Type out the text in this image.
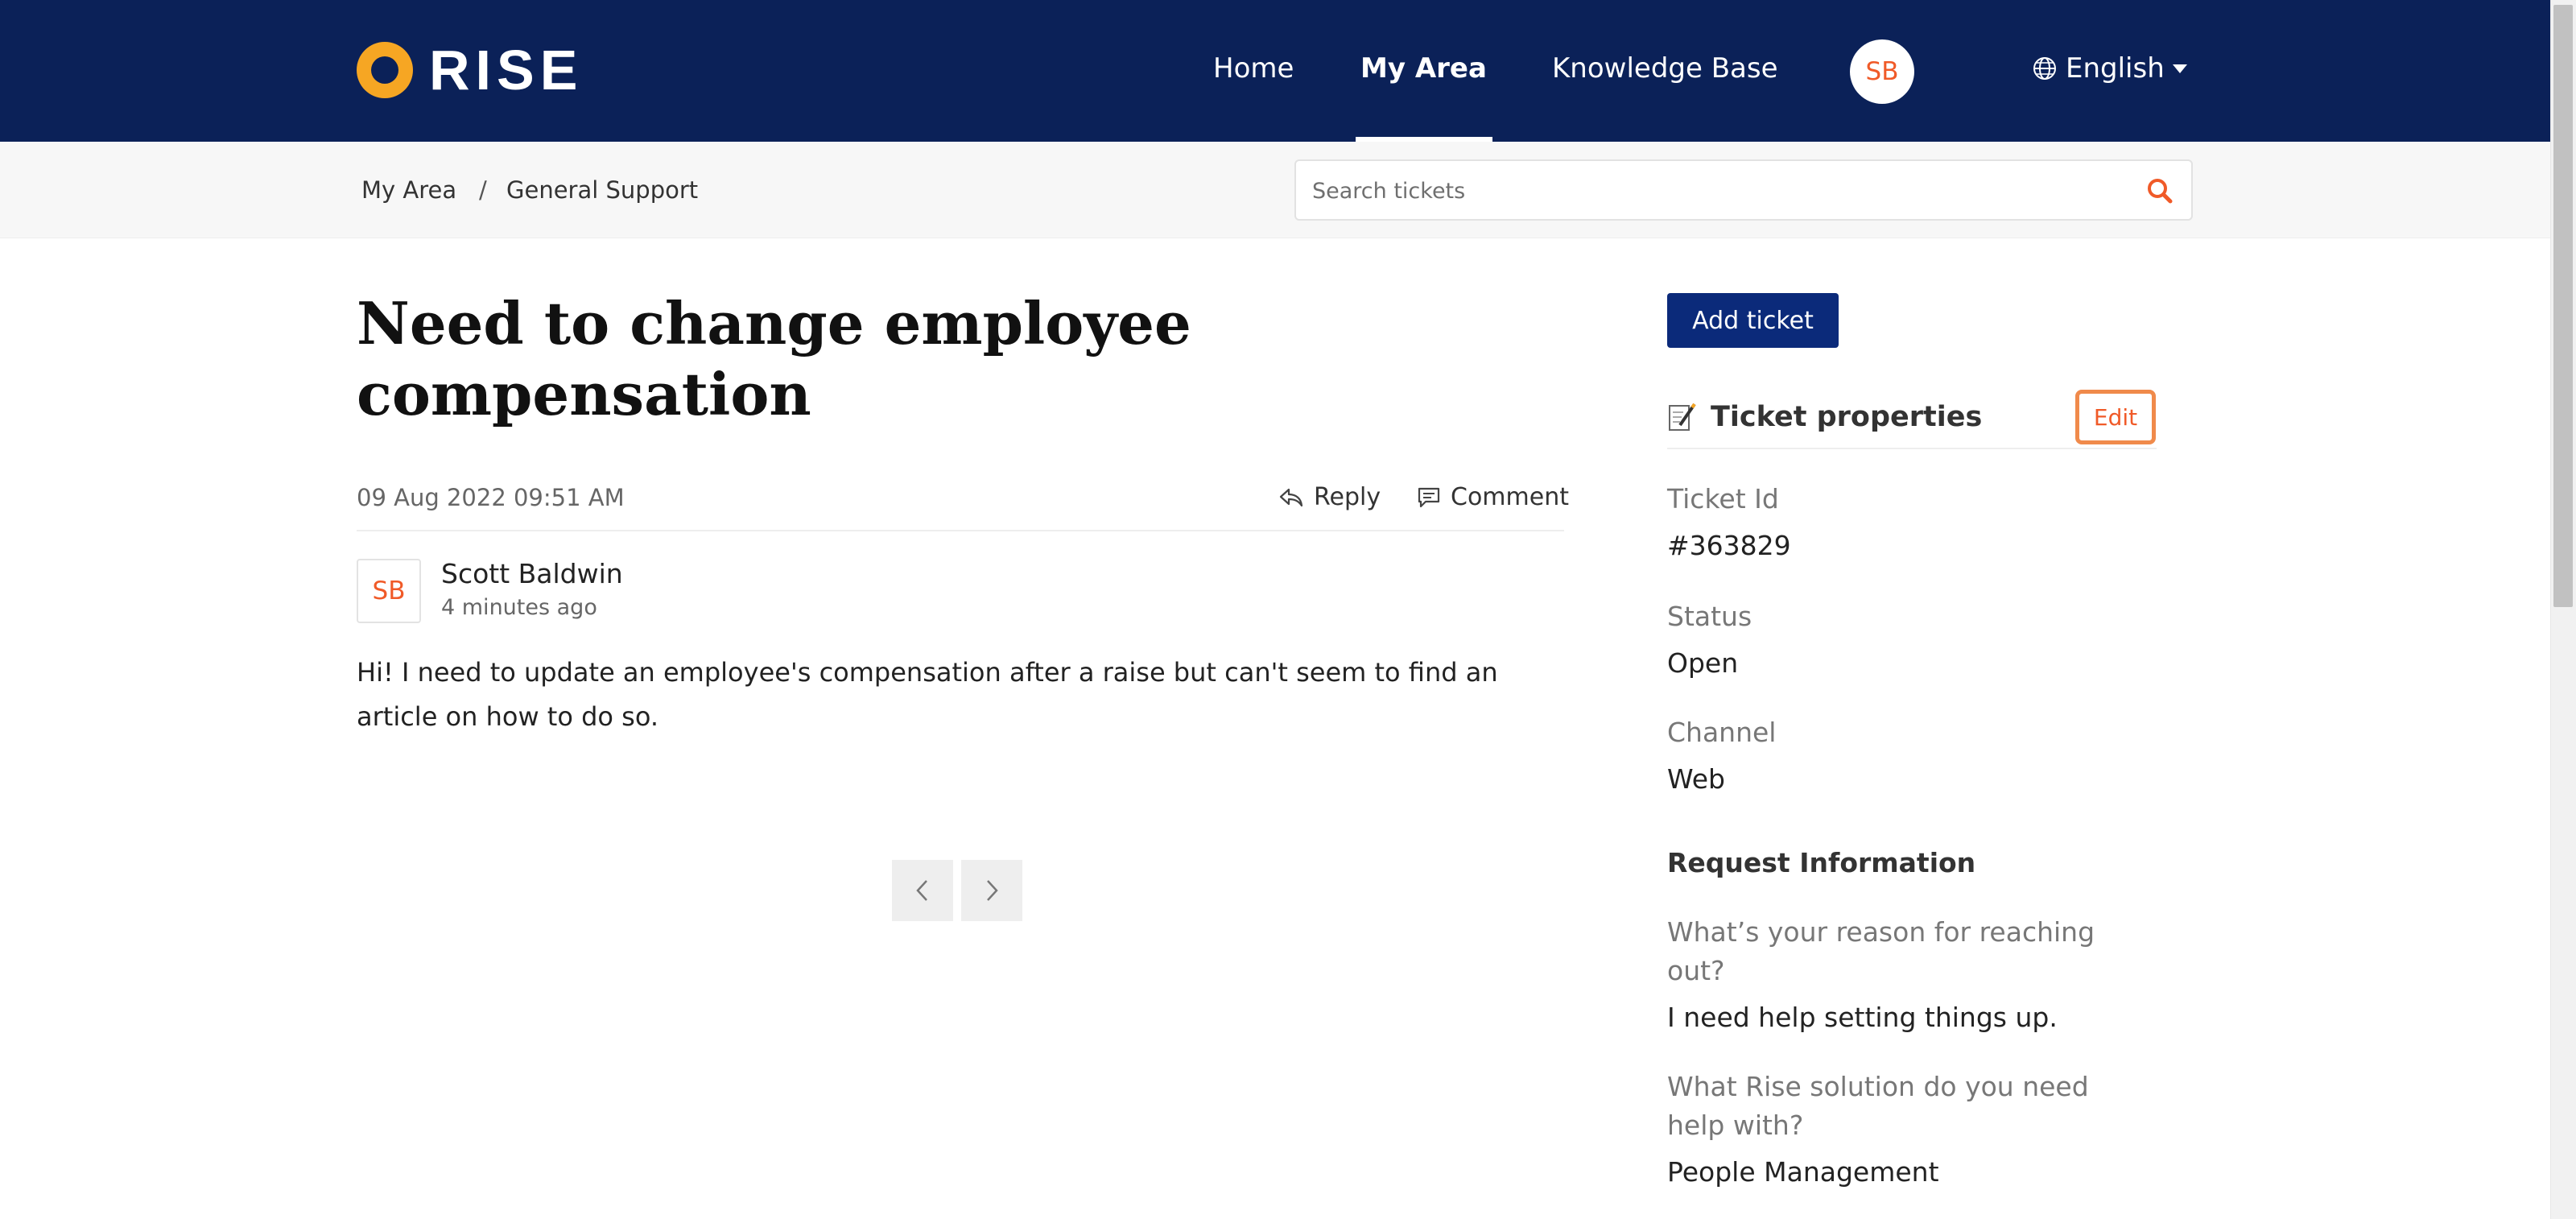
RISE	Home My Area Knowledge Base	SB	English
My Area / General Support
Search tickets
Need to change employee compensation
09 Aug 2022 09:51 AM	Reply	Comment
SB
Scott Baldwin
4 minutes ago

Hi! I need to update an employee's compensation after a raise but can't seem to find an article on how to do so.

Add ticket
Ticket properties	Edit
Ticket Id
#363829
Status
Open
Channel
Web
Request Information
What’s your reason for reaching out?
I need help setting things up.
What Rise solution do you need help with?
People Management
